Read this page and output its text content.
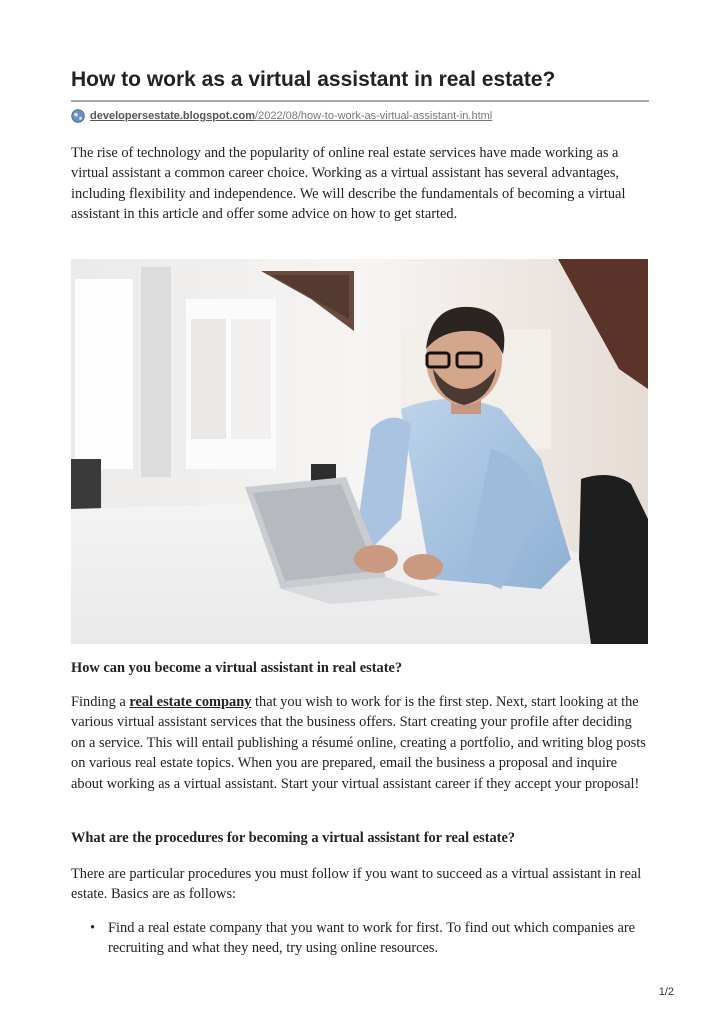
How to work as a virtual assistant in real estate?
developersestate.blogspot.com /2022/08/how-to-work-as-virtual-assistant-in.html

The rise of technology and the popularity of online real estate services have made working as a virtual assistant a common career choice. Working as a virtual assistant has several advantages, including flexibility and independence. We will describe the fundamentals of becoming a virtual assistant in this article and offer some advice on how to get started.

How can you become a virtual assistant in real estate?

Finding a real estate company that you wish to work for is the first step. Next, start looking at the various virtual assistant services that the business offers. Start creating your profile after deciding on a service. This will entail publishing a résumé online, creating a portfolio, and writing blog posts on various real estate topics. When you are prepared, email the business a proposal and inquire about working as a virtual assistant. Start your virtual assistant career if they accept your proposal!

What are the procedures for becoming a virtual assistant for real estate?

There are particular procedures you must follow if you want to succeed as a virtual assistant in real estate. Basics are as follows:

• Find a real estate company that you want to work for first. To find out which companies are recruiting and what they need, try using online resources.
1/2
